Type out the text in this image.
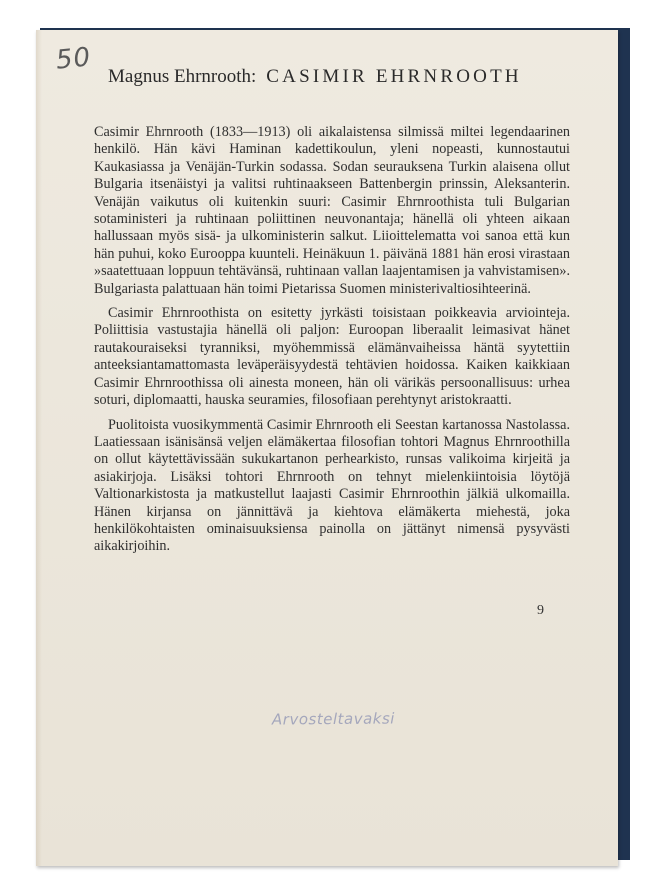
50
Magnus Ehrnrooth: CASIMIR EHRNROOTH

Casimir Ehrnrooth (1833—1913) oli aikalaistensa silmissä miltei legendaarinen henkilö. Hän kävi Haminan kadettikoulun, yleni nopeasti, kunnostautui Kaukasiassa ja Venäjän-Turkin sodassa. Sodan seurauksena Turkin alaisena ollut Bulgaria itsenäistyi ja valitsi ruhtinaakseen Battenbergin prinssin, Aleksanterin. Venäjän vaikutus oli kuitenkin suuri: Casimir Ehrnroothista tuli Bulgarian sotaministeri ja ruhtinaan poliittinen neuvonantaja; hänellä oli yhteen aikaan hallussaan myös sisä- ja ulkoministerin salkut. Liioittelematta voi sanoa että kun hän puhui, koko Eurooppa kuunteli. Heinäkuun 1. päivänä 1881 hän erosi virastaan »saatettuaan loppuun tehtävänsä, ruhtinaan vallan laajentamisen ja vahvistamisen». Bulgariasta palattuaan hän toimi Pietarissa Suomen ministerivaltiosihteerinä.

Casimir Ehrnroothista on esitetty jyrkästi toisistaan poikkeavia arviointeja. Poliittisia vastustajia hänellä oli paljon: Euroopan liberaalit leimasivat hänet rautakouraiseksi tyranniksi, myöhemmissä elämänvaiheissa häntä syytettiin anteeksiantamattomasta leväperäisyydestä tehtävien hoidossa. Kaiken kaikkiaan Casimir Ehrnroothissa oli ainesta moneen, hän oli värikäs persoonallisuus: urhea soturi, diplomaatti, hauska seuramies, filosofiaan perehtynyt aristokraatti.

Puolitoista vuosikymmentä Casimir Ehrnrooth eli Seestan kartanossa Nastolassa. Laatiessaan isänisänsä veljen elämäkertaa filosofian tohtori Magnus Ehrnroothilla on ollut käytettävissään sukukartanon perhearkisto, runsas valikoima kirjeitä ja asiakirjoja. Lisäksi tohtori Ehrnrooth on tehnyt mielenkiintoisia löytöjä Valtionarkistosta ja matkustellut laajasti Casimir Ehrnroothin jälkiä ulkomailla. Hänen kirjansa on jännittävä ja kiehtova elämäkerta miehestä, joka henkilökohtaisten ominaisuuksiensa painolla on jättänyt nimensä pysyvästi aikakirjoihin.

9
Arvosteltavaksi
